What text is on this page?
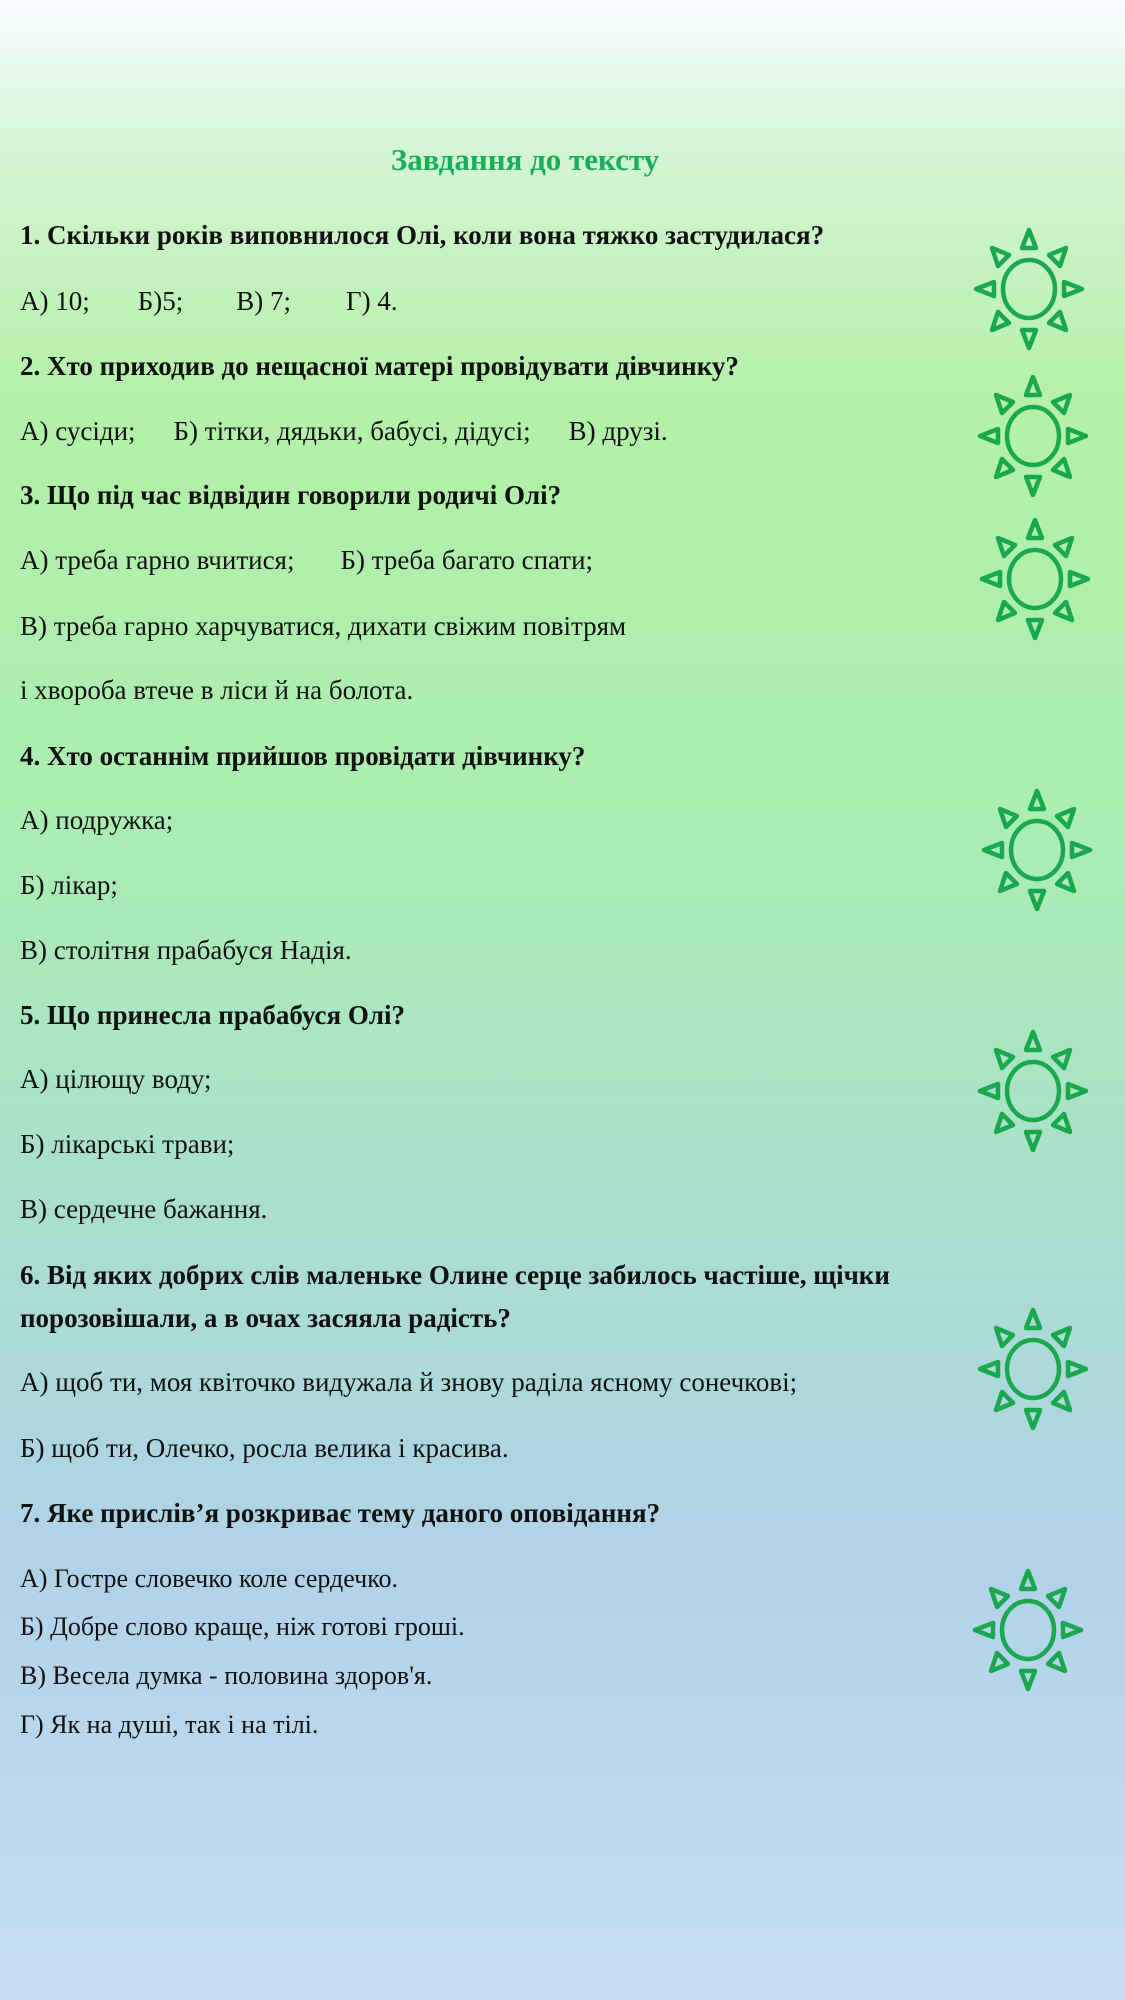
Завдання до тексту

1. Скільки років виповнилося Олі, коли вона тяжко застудилася?

А) 10; Б)5; В) 7; Г) 4.

2. Хто приходив до нещасної матері провідувати дівчинку?

А) сусіди; Б) тітки, дядьки, бабусі, дідусі; В) друзі.

3. Що під час відвідин говорили родичі Олі?

А) треба гарно вчитися; Б) треба багато спати;

В) треба гарно харчуватися, дихати свіжим повітрям

і хвороба втече в ліси й на болота.

4. Хто останнім прийшов провідати дівчинку?

А) подружка;

Б) лікар;

В) столітня прабабуся Надія.

5. Що принесла прабабуся Олі?

А) цілющу воду;

Б) лікарські трави;

В) сердечне бажання.

6. Від яких добрих слів маленьке Олине серце забилось частіше, щічки

порозовішали, а в очах засяяла радість?

А) щоб ти, моя квіточко видужала й знову раділа ясному сонечкові;

Б) щоб ти, Олечко, росла велика і красива.

7. Яке прислів’я розкриває тему даного оповідання?

А) Гостре словечко коле сердечко.

Б) Добре слово краще, ніж готові гроші.

В) Весела думка - половина здоров'я.

Г) Як на душі, так і на тілі.
